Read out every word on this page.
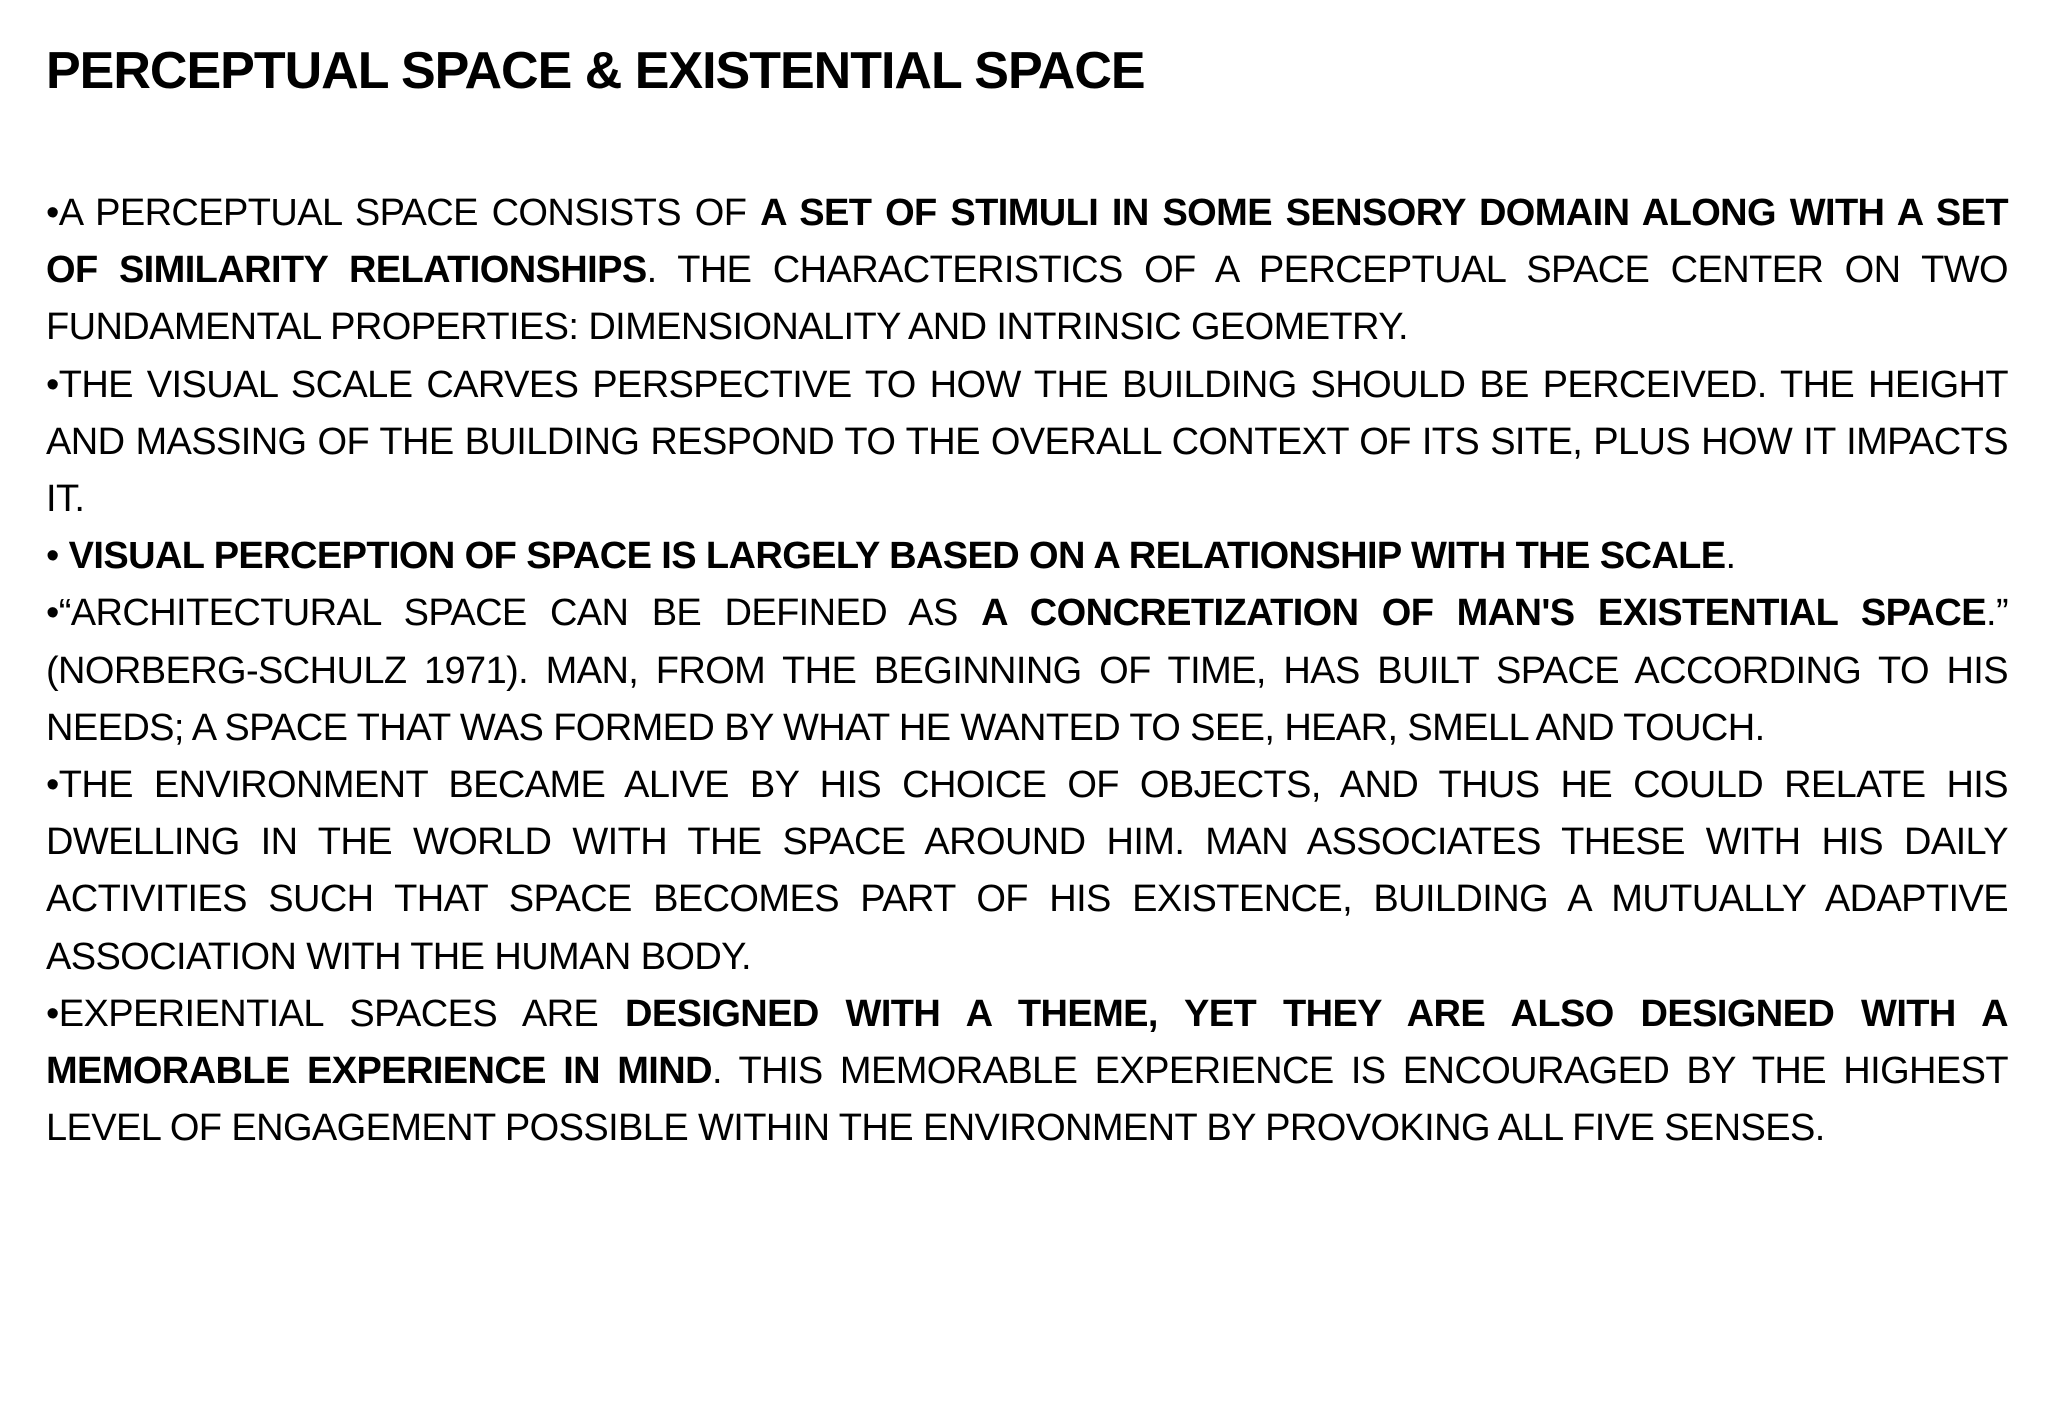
PERCEPTUAL SPACE & EXISTENTIAL SPACE

•A PERCEPTUAL SPACE CONSISTS OF A SET OF STIMULI IN SOME SENSORY DOMAIN ALONG WITH A SET OF SIMILARITY RELATIONSHIPS. THE CHARACTERISTICS OF A PERCEPTUAL SPACE CENTER ON TWO FUNDAMENTAL PROPERTIES: DIMENSIONALITY AND INTRINSIC GEOMETRY.

•THE VISUAL SCALE CARVES PERSPECTIVE TO HOW THE BUILDING SHOULD BE PERCEIVED. THE HEIGHT AND MASSING OF THE BUILDING RESPOND TO THE OVERALL CONTEXT OF ITS SITE, PLUS HOW IT IMPACTS IT.

• VISUAL PERCEPTION OF SPACE IS LARGELY BASED ON A RELATIONSHIP WITH THE SCALE.

•“ARCHITECTURAL SPACE CAN BE DEFINED AS A CONCRETIZATION OF MAN'S EXISTENTIAL SPACE.” (NORBERG-SCHULZ 1971). MAN, FROM THE BEGINNING OF TIME, HAS BUILT SPACE ACCORDING TO HIS NEEDS; A SPACE THAT WAS FORMED BY WHAT HE WANTED TO SEE, HEAR, SMELL AND TOUCH.

•THE ENVIRONMENT BECAME ALIVE BY HIS CHOICE OF OBJECTS, AND THUS HE COULD RELATE HIS DWELLING IN THE WORLD WITH THE SPACE AROUND HIM. MAN ASSOCIATES THESE WITH HIS DAILY ACTIVITIES SUCH THAT SPACE BECOMES PART OF HIS EXISTENCE, BUILDING A MUTUALLY ADAPTIVE ASSOCIATION WITH THE HUMAN BODY.

•EXPERIENTIAL SPACES ARE DESIGNED WITH A THEME, YET THEY ARE ALSO DESIGNED WITH A MEMORABLE EXPERIENCE IN MIND. THIS MEMORABLE EXPERIENCE IS ENCOURAGED BY THE HIGHEST LEVEL OF ENGAGEMENT POSSIBLE WITHIN THE ENVIRONMENT BY PROVOKING ALL FIVE SENSES.
